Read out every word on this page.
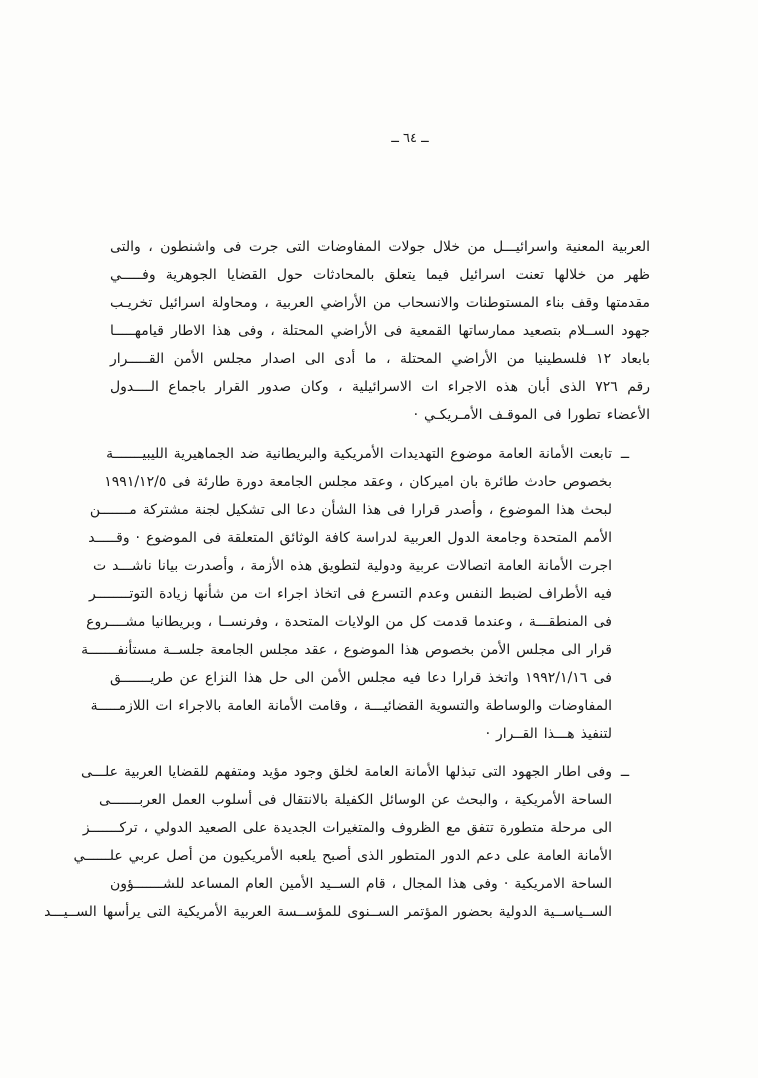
ــ ٦٤ ــ
العربية المعنية واسرائيـــل من خلال جولات المفاوضات التى جرت فى واشنطون ، والتى
ظهر من خلالها تعنت اسرائيل فيما يتعلق بالمحادثات حول القضايا الجوهرية وفـــــي
مقدمتها وقف بناء المستوطنات والانسحاب من الأراضي العربية ، ومحاولة اسرائيل تخريـب
جهود الســلام بتصعيد ممارساتها القمعية فى الأراضي المحتلة ، وفى هذا الاطار قيامهـــــا
بابعاد ١٢ فلسطينيا من الأراضي المحتلة ، ما أدى الى اصدار مجلس الأمن القـــــرار
رقم ٧٢٦ الذى أبان هذه الاجراء ات الاسرائيلية ، وكان صدور القرار باجماع الــــدول
الأعضاء تطورا فى الموقـف الأمـريكـي ·
ــ
تابعت الأمانة العامة موضوع التهديدات الأمريكية والبريطانية ضد الجماهيرية الليبيـــــــة
بخصوص حادث طائرة بان اميركان ، وعقد مجلس الجامعة دورة طارئة فى ١٩٩١/١٢/٥
لبحث هذا الموضوع ، وأصدر قرارا فى هذا الشأن دعا الى تشكيل لجنة مشتركة مـــــــن
الأمم المتحدة وجامعة الدول العربية لدراسة كافة الوثائق المتعلقة فى الموضوع · وقـــــد
اجرت الأمانة العامة اتصالات عربية ودولية لتطويق هذه الأزمة ، وأصدرت بيانا ناشـــد ت
فيه الأطراف لضبط النفس وعدم التسرع فى اتخاذ اجراء ات من شأنها زيادة التوتــــــــر
فى المنطقـــة ، وعندما قدمت كل من الولايات المتحدة ، وفرنســا ، وبريطانيا مشــــروع
قرار الى مجلس الأمن بخصوص هذا الموضوع ، عقد مجلس الجامعة جلســة مستأنفـــــــة
فى ١٩٩٢/١/١٦ واتخذ قرارا دعا فيه مجلس الأمن الى حل هذا النزاع عن طريـــــــق
المفاوضات والوساطة والتسوية القضائيـــة ، وقامت الأمانة العامة بالاجراء ات اللازمـــــة
لتنفيذ هـــذا القــرار ·
ــ
وفى اطار الجهود التى تبذلها الأمانة العامة لخلق وجود مؤيد ومتفهم للقضايا العربية علـــى
الساحة الأمريكية ، والبحث عن الوسائل الكفيلة بالانتقال فى أسلوب العمل العربـــــــى
الى مرحلة متطورة تتفق مع الظروف والمتغيرات الجديدة على الصعيد الدولي ، تركـــــــز
الأمانة العامة على دعم الدور المتطور الذى أصبح يلعبه الأمريكيون من أصل عربي علــــــي
الساحة الامريكية · وفى هذا المجال ، قام الســيد الأمين العام المساعد للشـــــــؤون
الســياســية الدولية بحضور المؤتمر الســنوى للمؤســسة العربية الأمريكية التى يرأسها الســيـــد
